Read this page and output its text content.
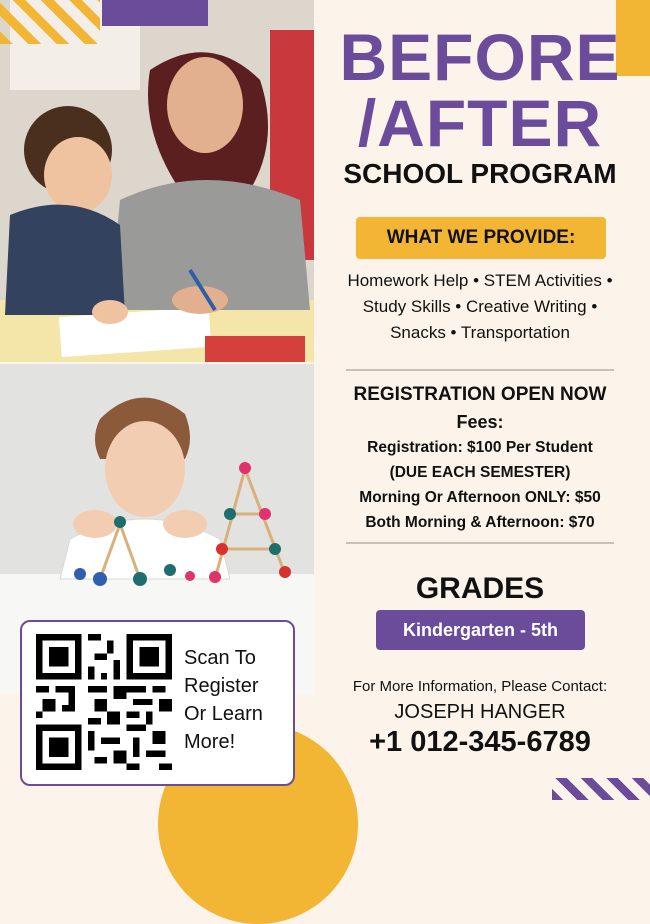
BEFORE
/AFTER
SCHOOL PROGRAM
WHAT WE PROVIDE:
Homework Help • STEM Activities •
Study Skills • Creative Writing •
Snacks • Transportation
REGISTRATION OPEN NOW
Fees:
Registration: $100 Per Student
(DUE EACH SEMESTER)
Morning Or Afternoon ONLY: $50
Both Morning & Afternoon: $70
GRADES
Kindergarten - 5th
For More Information, Please Contact:
JOSEPH HANGER
+1 012-345-6789
Scan To
Register
Or Learn
More!
